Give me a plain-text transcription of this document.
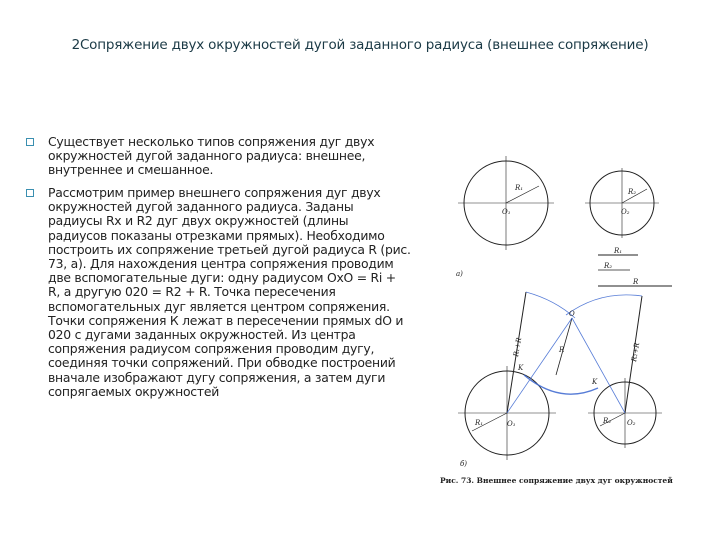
2Сопряжение двух окружностей дугой заданного радиуса (внешнее сопряжение)
Существует несколько типов сопряжения дуг двух окружностей дугой заданного радиуса: внешнее, внутреннее и смешанное.
Рассмотрим пример внешнего сопряжения дуг двух окружностей дугой заданного радиуса. Заданы радиусы Rx и R2 дуг двух окружностей (длины радиусов показаны отрезками прямых). Необходимо построить их сопряжение третьей дугой радиуса R (рис. 73, а). Для нахождения центра сопряжения проводим две вспомогательные дуги: одну радиусом OxO = Ri + R, а другую 020 = R2 + R. Точка пересечения вспомогательных дуг является центром сопряжения. Точки сопряжения К лежат в пересечении прямых dO и 020 с дугами заданных окружностей. Из центра сопряжения радиусом сопряжения проводим дугу, соединяя точки сопряжений. При обводке построений вначале изображают дугу сопряжения, а затем дуги сопрягаемых окружностей
а)
б)
R₁
O₁
R₂
O₂
R₁
R₂
R
O
R
R₁+R	R₂+R
K
K
O₁
R₁	O₂
R₂
Рис. 73. Внешнее сопряжение двух дуг окружностей
